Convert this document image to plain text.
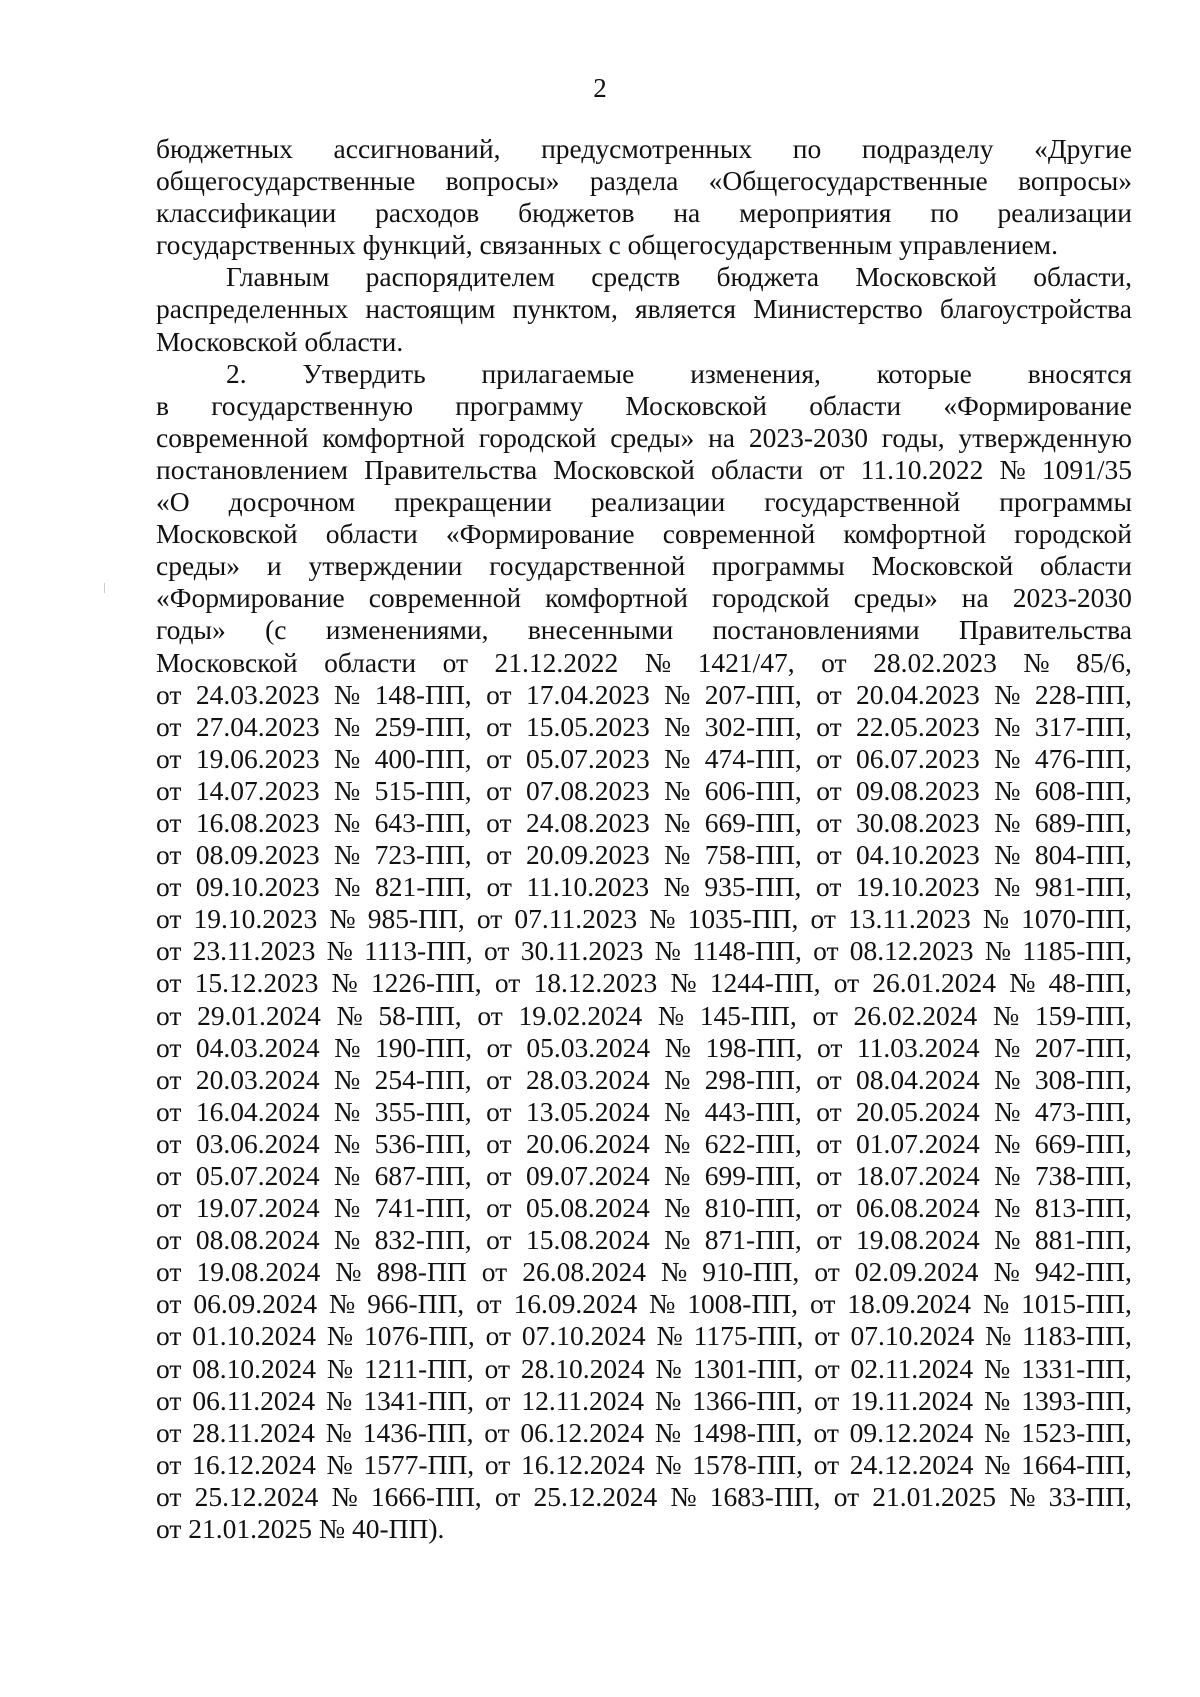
2
бюджетных ассигнований, предусмотренных по подразделу «Другие
общегосударственные вопросы» раздела «Общегосударственные вопросы»
классификации расходов бюджетов на мероприятия по реализации
государственных функций, связанных с общегосударственным управлением.
Главным распорядителем средств бюджета Московской области,
распределенных настоящим пунктом, является Министерство благоустройства
Московской области.
2. Утвердить прилагаемые изменения, которые вносятся
в государственную программу Московской области «Формирование
современной комфортной городской среды» на 2023-2030 годы, утвержденную
постановлением Правительства Московской области от 11.10.2022 № 1091/35
«О досрочном прекращении реализации государственной программы
Московской области «Формирование современной комфортной городской
среды» и утверждении государственной программы Московской области
«Формирование современной комфортной городской среды» на 2023-2030
годы» (с изменениями, внесенными постановлениями Правительства
Московской области от 21.12.2022 № 1421/47, от 28.02.2023 № 85/6,
от 24.03.2023 № 148-ПП, от 17.04.2023 № 207-ПП, от 20.04.2023 № 228-ПП,
от 27.04.2023 № 259-ПП, от 15.05.2023 № 302-ПП, от 22.05.2023 № 317-ПП,
от 19.06.2023 № 400-ПП, от 05.07.2023 № 474-ПП, от 06.07.2023 № 476-ПП,
от 14.07.2023 № 515-ПП, от 07.08.2023 № 606-ПП, от 09.08.2023 № 608-ПП,
от 16.08.2023 № 643-ПП, от 24.08.2023 № 669-ПП, от 30.08.2023 № 689-ПП,
от 08.09.2023 № 723-ПП, от 20.09.2023 № 758-ПП, от 04.10.2023 № 804-ПП,
от 09.10.2023 № 821-ПП, от 11.10.2023 № 935-ПП, от 19.10.2023 № 981-ПП,
от 19.10.2023 № 985-ПП, от 07.11.2023 № 1035-ПП, от 13.11.2023 № 1070-ПП,
от 23.11.2023 № 1113-ПП, от 30.11.2023 № 1148-ПП, от 08.12.2023 № 1185-ПП,
от 15.12.2023 № 1226-ПП, от 18.12.2023 № 1244-ПП, от 26.01.2024 № 48-ПП,
от 29.01.2024 № 58-ПП, от 19.02.2024 № 145-ПП, от 26.02.2024 № 159-ПП,
от 04.03.2024 № 190-ПП, от 05.03.2024 № 198-ПП, от 11.03.2024 № 207-ПП,
от 20.03.2024 № 254-ПП, от 28.03.2024 № 298-ПП, от 08.04.2024 № 308-ПП,
от 16.04.2024 № 355-ПП, от 13.05.2024 № 443-ПП, от 20.05.2024 № 473-ПП,
от 03.06.2024 № 536-ПП, от 20.06.2024 № 622-ПП, от 01.07.2024 № 669-ПП,
от 05.07.2024 № 687-ПП, от 09.07.2024 № 699-ПП, от 18.07.2024 № 738-ПП,
от 19.07.2024 № 741-ПП, от 05.08.2024 № 810-ПП, от 06.08.2024 № 813-ПП,
от 08.08.2024 № 832-ПП, от 15.08.2024 № 871-ПП, от 19.08.2024 № 881-ПП,
от 19.08.2024 № 898-ПП от 26.08.2024 № 910-ПП, от 02.09.2024 № 942-ПП,
от 06.09.2024 № 966-ПП, от 16.09.2024 № 1008-ПП, от 18.09.2024 № 1015-ПП,
от 01.10.2024 № 1076-ПП, от 07.10.2024 № 1175-ПП, от 07.10.2024 № 1183-ПП,
от 08.10.2024 № 1211-ПП, от 28.10.2024 № 1301-ПП, от 02.11.2024 № 1331-ПП,
от 06.11.2024 № 1341-ПП, от 12.11.2024 № 1366-ПП, от 19.11.2024 № 1393-ПП,
от 28.11.2024 № 1436-ПП, от 06.12.2024 № 1498-ПП, от 09.12.2024 № 1523-ПП,
от 16.12.2024 № 1577-ПП, от 16.12.2024 № 1578-ПП, от 24.12.2024 № 1664-ПП,
от 25.12.2024 № 1666-ПП, от 25.12.2024 № 1683-ПП, от 21.01.2025 № 33-ПП,
от 21.01.2025 № 40-ПП).
